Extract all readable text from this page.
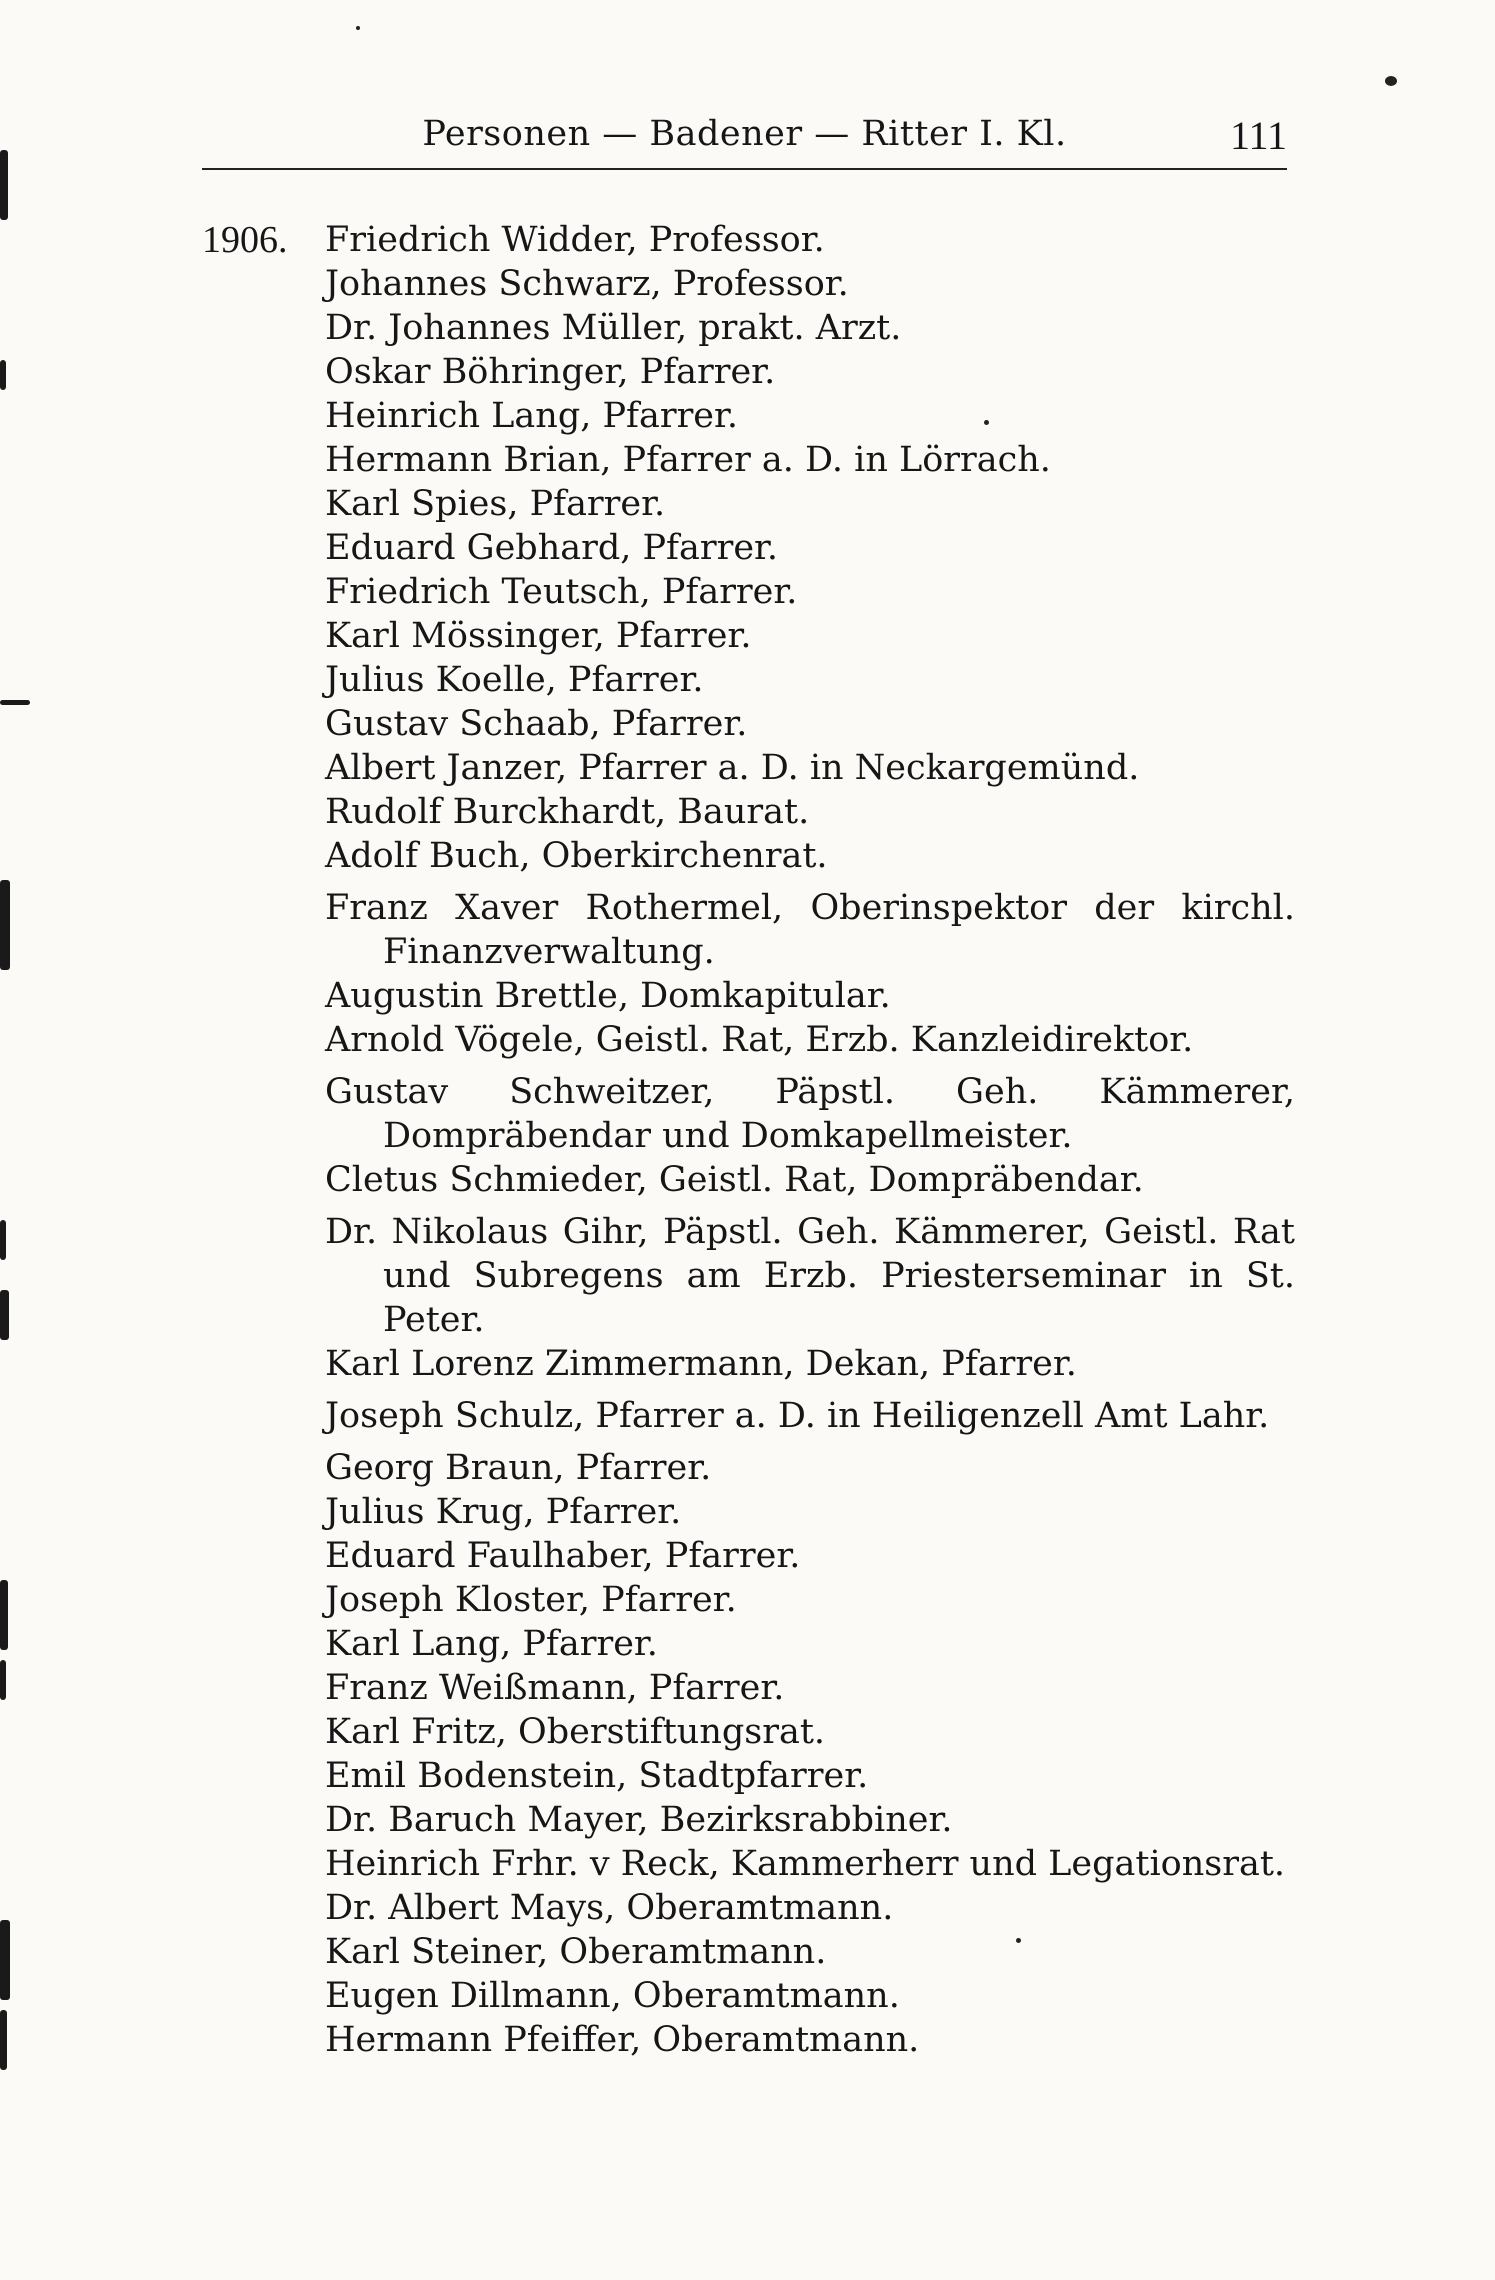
Personen — Badener — Ritter I. Kl.	111
1906. Friedrich Widder, Professor.
Johannes Schwarz, Professor.
Dr. Johannes Müller, prakt. Arzt.
Oskar Böhringer, Pfarrer.
Heinrich Lang, Pfarrer.
Hermann Brian, Pfarrer a. D. in Lörrach.
Karl Spies, Pfarrer.
Eduard Gebhard, Pfarrer.
Friedrich Teutsch, Pfarrer.
Karl Mössinger, Pfarrer.
Julius Koelle, Pfarrer.
Gustav Schaab, Pfarrer.
Albert Janzer, Pfarrer a. D. in Neckargemünd.
Rudolf Burckhardt, Baurat.
Adolf Buch, Oberkirchenrat.
Franz Xaver Rothermel, Oberinspektor der kirchl. Finanzverwaltung.
Augustin Brettle, Domkapitular.
Arnold Vögele, Geistl. Rat, Erzb. Kanzleidirektor.
Gustav Schweitzer, Päpstl. Geh. Kämmerer, Dompräbendar und Domkapellmeister.
Cletus Schmieder, Geistl. Rat, Dompräbendar.
Dr. Nikolaus Gihr, Päpstl. Geh. Kämmerer, Geistl. Rat und Subregens am Erzb. Priesterseminar in St. Peter.
Karl Lorenz Zimmermann, Dekan, Pfarrer.
Joseph Schulz, Pfarrer a. D. in Heiligenzell Amt Lahr.
Georg Braun, Pfarrer.
Julius Krug, Pfarrer.
Eduard Faulhaber, Pfarrer.
Joseph Kloster, Pfarrer.
Karl Lang, Pfarrer.
Franz Weißmann, Pfarrer.
Karl Fritz, Oberstiftungsrat.
Emil Bodenstein, Stadtpfarrer.
Dr. Baruch Mayer, Bezirksrabbiner.
Heinrich Frhr. v Reck, Kammerherr und Legationsrat.
Dr. Albert Mays, Oberamtmann.
Karl Steiner, Oberamtmann.
Eugen Dillmann, Oberamtmann.
Hermann Pfeiffer, Oberamtmann.
